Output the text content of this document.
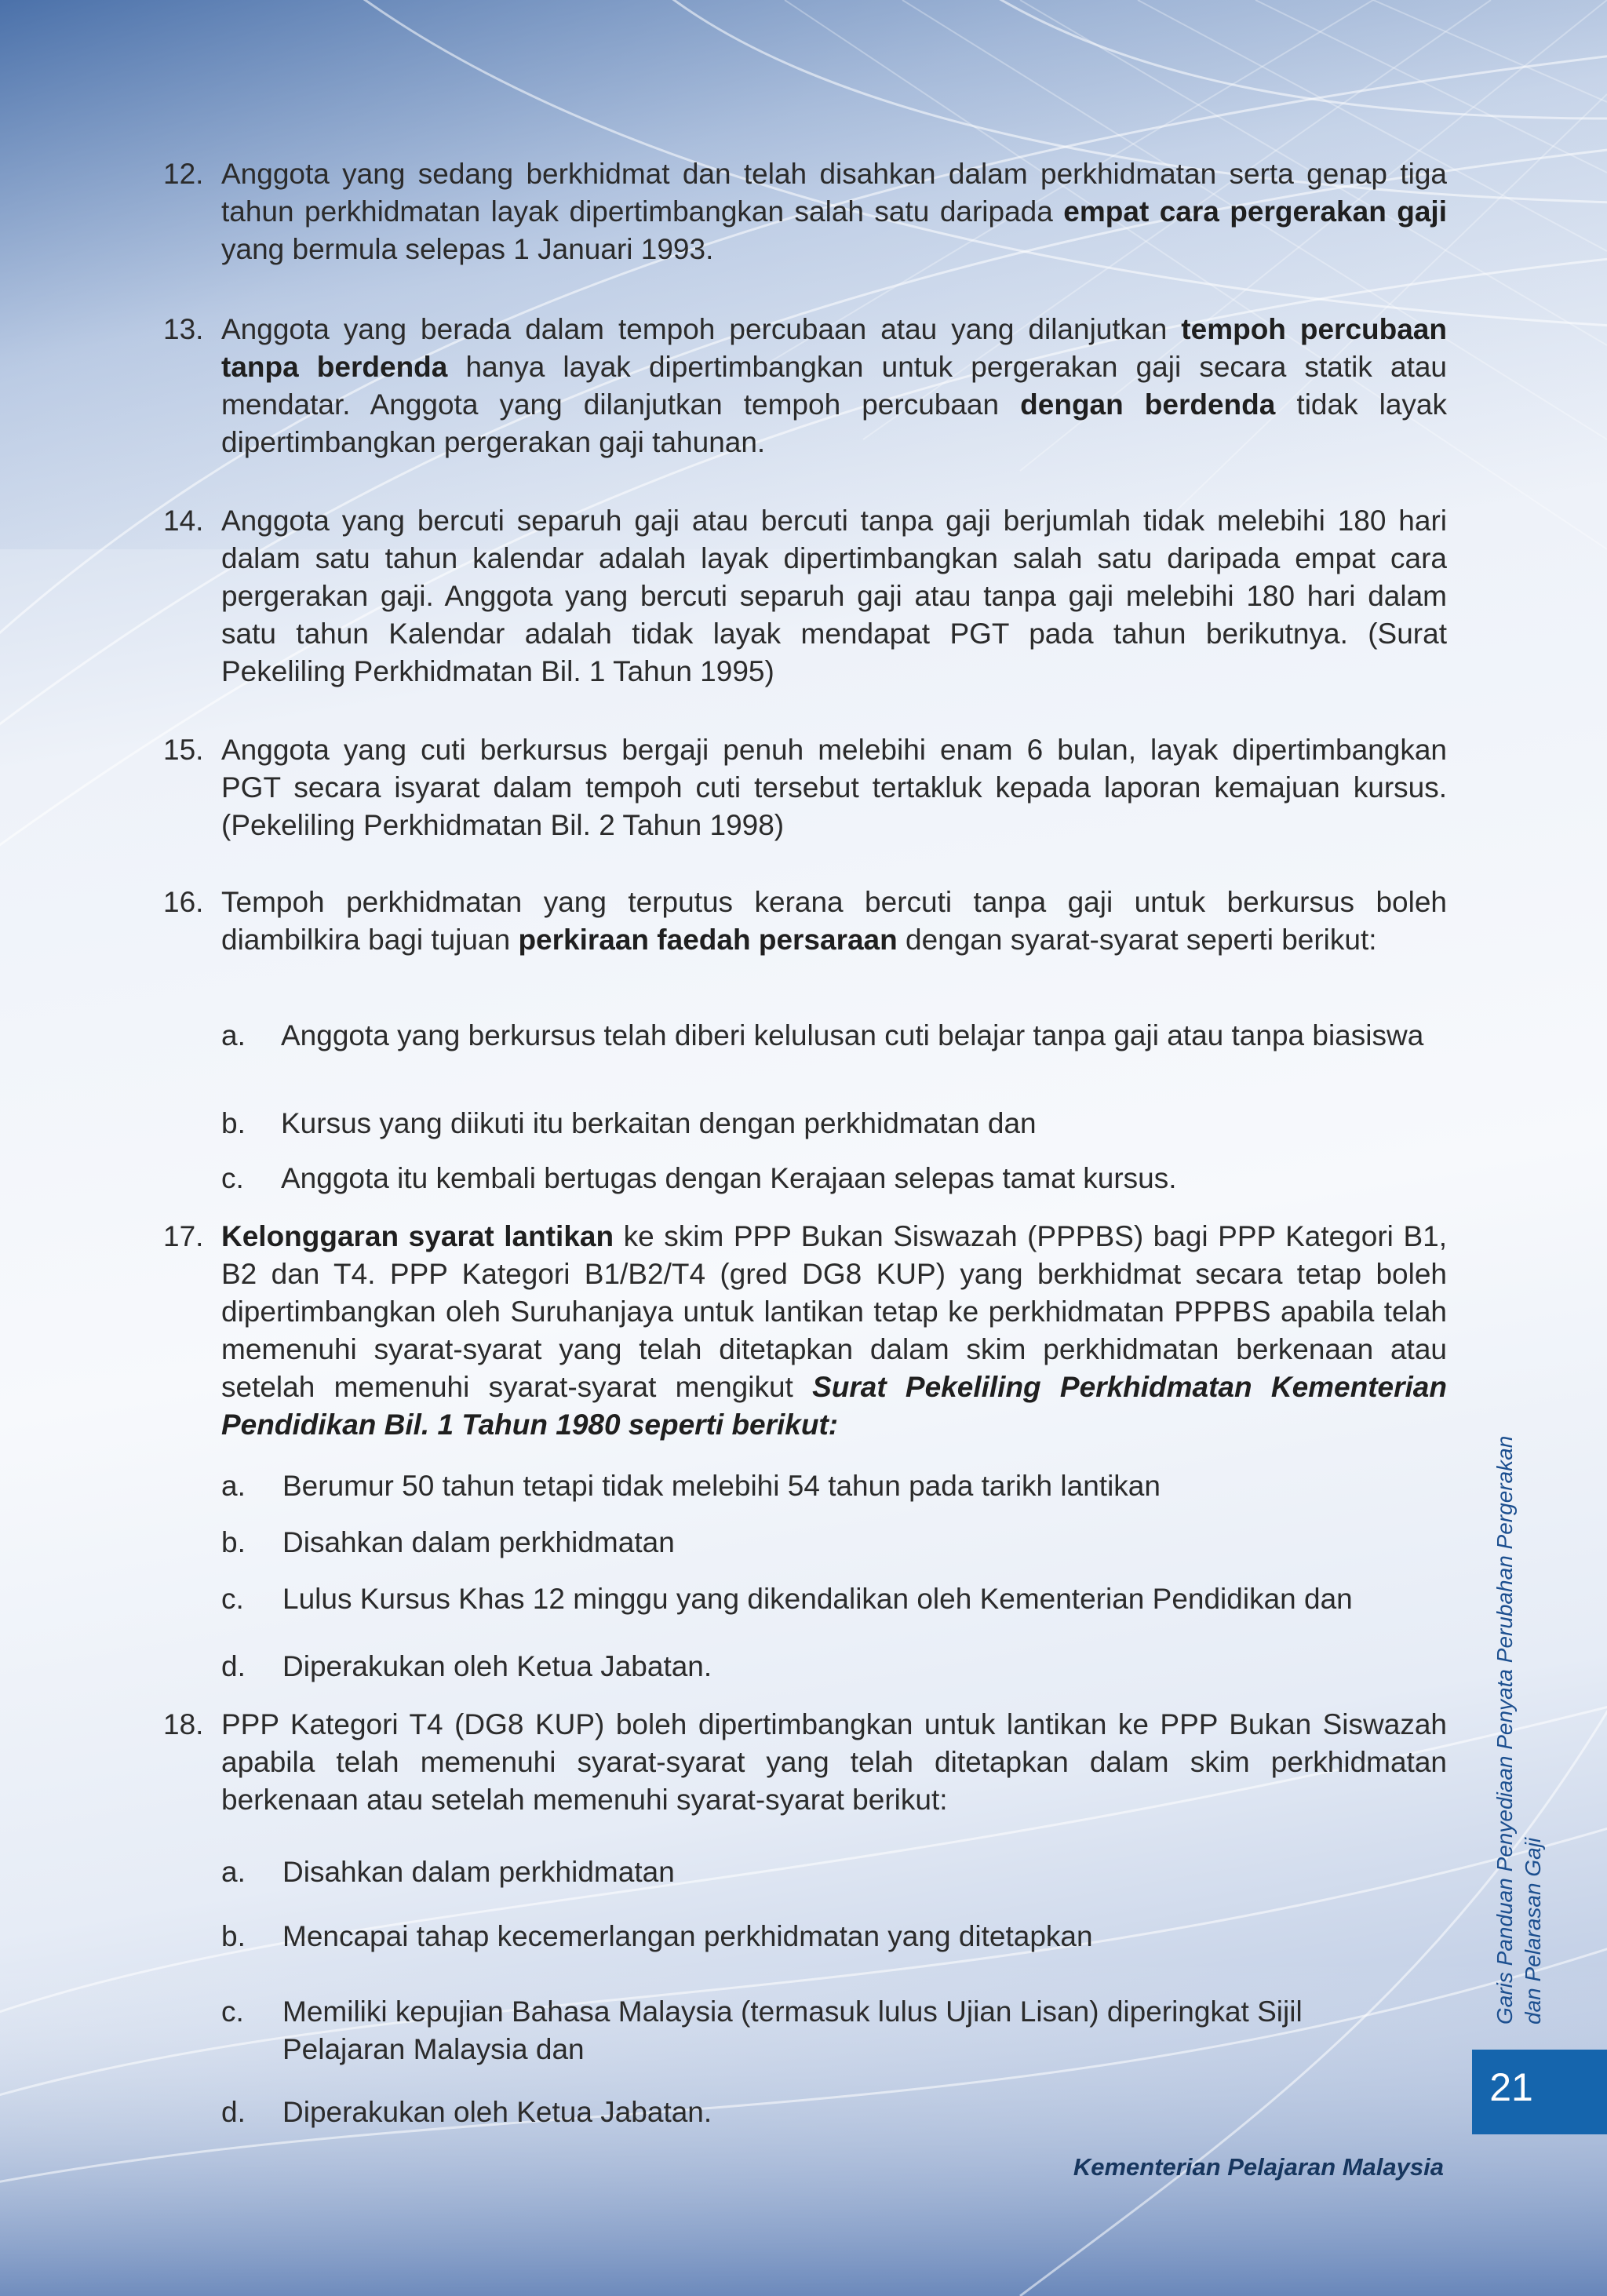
12. Anggota yang sedang berkhidmat dan telah disahkan dalam perkhidmatan serta genap tiga tahun perkhidmatan layak dipertimbangkan salah satu daripada empat cara pergerakan gaji yang bermula selepas 1 Januari 1993.
13. Anggota yang berada dalam tempoh percubaan atau yang dilanjutkan tempoh percubaan tanpa berdenda hanya layak dipertimbangkan untuk pergerakan gaji secara statik atau mendatar. Anggota yang dilanjutkan tempoh percubaan dengan berdenda tidak layak dipertimbangkan pergerakan gaji tahunan.
14. Anggota yang bercuti separuh gaji atau bercuti tanpa gaji berjumlah tidak melebihi 180 hari dalam satu tahun kalendar adalah layak dipertimbangkan salah satu daripada empat cara pergerakan gaji. Anggota yang bercuti separuh gaji atau tanpa gaji melebihi 180 hari dalam satu tahun Kalendar adalah tidak layak mendapat PGT pada tahun berikutnya. (Surat Pekeliling Perkhidmatan Bil. 1 Tahun 1995)
15. Anggota yang cuti berkursus bergaji penuh melebihi enam 6 bulan, layak dipertimbangkan PGT secara isyarat dalam tempoh cuti tersebut tertakluk kepada laporan kemajuan kursus. (Pekeliling Perkhidmatan Bil. 2 Tahun 1998)
16. Tempoh perkhidmatan yang terputus kerana bercuti tanpa gaji untuk berkursus boleh diambilkira bagi tujuan perkiraan faedah persaraan dengan syarat-syarat seperti berikut:
a.	Anggota yang berkursus telah diberi kelulusan cuti belajar tanpa gaji atau tanpa biasiswa
b.	Kursus yang diikuti itu berkaitan dengan perkhidmatan dan
c.	Anggota itu kembali bertugas dengan Kerajaan selepas tamat kursus.
17. Kelonggaran syarat lantikan ke skim PPP Bukan Siswazah (PPPBS) bagi PPP Kategori B1, B2 dan T4. PPP Kategori B1/B2/T4 (gred DG8 KUP) yang berkhidmat secara tetap boleh dipertimbangkan oleh Suruhanjaya untuk lantikan tetap ke perkhidmatan PPPBS apabila telah memenuhi syarat-syarat yang telah ditetapkan dalam skim perkhidmatan berkenaan atau setelah memenuhi syarat-syarat mengikut Surat Pekeliling Perkhidmatan Kementerian Pendidikan Bil. 1 Tahun 1980 seperti berikut:
a.	Berumur 50 tahun tetapi tidak melebihi 54 tahun pada tarikh lantikan
b.	Disahkan dalam perkhidmatan
c.	Lulus Kursus Khas 12 minggu yang dikendalikan oleh Kementerian Pendidikan dan
d.	Diperakukan oleh Ketua Jabatan.
18. PPP Kategori T4 (DG8 KUP) boleh dipertimbangkan untuk lantikan ke PPP Bukan Siswazah apabila telah memenuhi syarat-syarat yang telah ditetapkan dalam skim perkhidmatan berkenaan atau setelah memenuhi syarat-syarat berikut:
a.	Disahkan dalam perkhidmatan
b.	Mencapai tahap kecemerlangan perkhidmatan yang ditetapkan
c.	Memiliki kepujian Bahasa Malaysia (termasuk lulus Ujian Lisan) diperingkat Sijil Pelajaran Malaysia dan
d.	Diperakukan oleh Ketua Jabatan.
Garis Panduan Penyediaan Penyata Perubahan Pergerakan dan Pelarasan Gaji
21
Kementerian Pelajaran Malaysia
